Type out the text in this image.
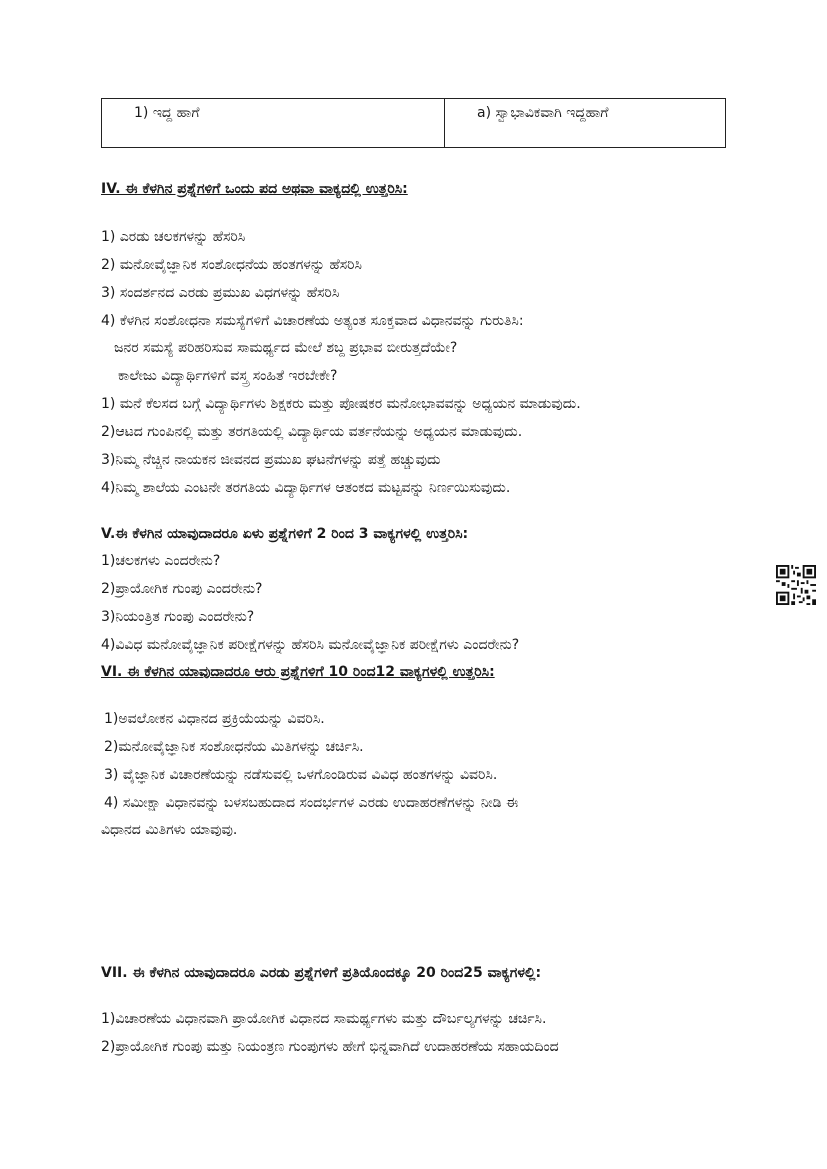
1) ಇದ್ದ ಹಾಗೆ	a) ಸ್ವಾಭಾವಿಕವಾಗಿ ಇದ್ದಹಾಗೆ
IV. ಈ ಕೆಳಗಿನ ಪ್ರಶ್ನೆಗಳಿಗೆ ಒಂದು ಪದ ಅಥವಾ ವಾಕ್ಯದಲ್ಲಿ ಉತ್ತರಿಸಿ:
1) ಎರಡು ಚಲಕಗಳನ್ನು ಹೆಸರಿಸಿ
2) ಮನೋವೈಜ್ಞಾನಿಕ ಸಂಶೋಧನೆಯ ಹಂತಗಳನ್ನು ಹೆಸರಿಸಿ
3) ಸಂದರ್ಶನದ ಎರಡು ಪ್ರಮುಖ ವಿಧಗಳನ್ನು ಹೆಸರಿಸಿ
4) ಕೆಳಗಿನ ಸಂಶೋಧನಾ ಸಮಸ್ಯೆಗಳಿಗೆ ವಿಚಾರಣೆಯ ಅತ್ಯಂತ ಸೂಕ್ತವಾದ ವಿಧಾನವನ್ನು ಗುರುತಿಸಿ:
ಜನರ ಸಮಸ್ಯೆ ಪರಿಹರಿಸುವ ಸಾಮರ್ಥ್ಯದ ಮೇಲೆ ಶಬ್ದ ಪ್ರಭಾವ ಬೀರುತ್ತದೆಯೇ?
ಕಾಲೇಜು ವಿದ್ಯಾರ್ಥಿಗಳಿಗೆ ವಸ್ತ್ರ ಸಂಹಿತೆ ಇರಬೇಕೇ?
1) ಮನೆ ಕೆಲಸದ ಬಗ್ಗೆ ವಿದ್ಯಾರ್ಥಿಗಳು ಶಿಕ್ಷಕರು ಮತ್ತು ಪೋಷಕರ ಮನೋಭಾವವನ್ನು ಅಧ್ಯಯನ ಮಾಡುವುದು.
2)ಆಟದ ಗುಂಪಿನಲ್ಲಿ ಮತ್ತು ತರಗತಿಯಲ್ಲಿ ವಿದ್ಯಾರ್ಥಿಯ ವರ್ತನೆಯನ್ನು ಅಧ್ಯಯನ ಮಾಡುವುದು.
3)ನಿಮ್ಮ ನೆಚ್ಚಿನ ನಾಯಕನ ಜೀವನದ ಪ್ರಮುಖ ಘಟನೆಗಳನ್ನು ಪತ್ತೆ ಹಚ್ಚುವುದು
4)ನಿಮ್ಮ ಶಾಲೆಯ ಎಂಟನೇ ತರಗತಿಯ ವಿದ್ಯಾರ್ಥಿಗಳ ಆತಂಕದ ಮಟ್ಟವನ್ನು ನಿರ್ಣಯಿಸುವುದು.
V.ಈ ಕೆಳಗಿನ ಯಾವುದಾದರೂ ಏಳು ಪ್ರಶ್ನೆಗಳಿಗೆ 2 ರಿಂದ 3 ವಾಕ್ಯಗಳಲ್ಲಿ ಉತ್ತರಿಸಿ:
1)ಚಲಕಗಳು ಎಂದರೇನು?
2)ಪ್ರಾಯೋಗಿಕ ಗುಂಪು ಎಂದರೇನು?
3)ನಿಯಂತ್ರಿತ ಗುಂಪು ಎಂದರೇನು?
4)ವಿವಿಧ ಮನೋವೈಜ್ಞಾನಿಕ ಪರೀಕ್ಷೆಗಳನ್ನು ಹೆಸರಿಸಿ ಮನೋವೈಜ್ಞಾನಿಕ ಪರೀಕ್ಷೆಗಳು ಎಂದರೇನು?
VI. ಈ ಕೆಳಗಿನ ಯಾವುದಾದರೂ ಆರು ಪ್ರಶ್ನೆಗಳಿಗೆ 10 ರಿಂದ12 ವಾಕ್ಯಗಳಲ್ಲಿ ಉತ್ತರಿಸಿ:
1)ಅವಲೋಕನ ವಿಧಾನದ ಪ್ರಕ್ರಿಯೆಯನ್ನು ವಿವರಿಸಿ.
2)ಮನೋವೈಜ್ಞಾನಿಕ ಸಂಶೋಧನೆಯ ಮಿತಿಗಳನ್ನು ಚರ್ಚಿಸಿ.
3) ವೈಜ್ಞಾನಿಕ ವಿಚಾರಣೆಯನ್ನು ನಡೆಸುವಲ್ಲಿ ಒಳಗೊಂಡಿರುವ ವಿವಿಧ ಹಂತಗಳನ್ನು ವಿವರಿಸಿ.
4) ಸಮೀಕ್ಷಾ ವಿಧಾನವನ್ನು ಬಳಸಬಹುದಾದ ಸಂದರ್ಭಗಳ ಎರಡು ಉದಾಹರಣೆಗಳನ್ನು ನೀಡಿ ಈ
ವಿಧಾನದ ಮಿತಿಗಳು ಯಾವುವು.
VII. ಈ ಕೆಳಗಿನ ಯಾವುದಾದರೂ ಎರಡು ಪ್ರಶ್ನೆಗಳಿಗೆ ಪ್ರತಿಯೊಂದಕ್ಕೂ 20 ರಿಂದ25 ವಾಕ್ಯಗಳಲ್ಲಿ:
1)ವಿಚಾರಣೆಯ ವಿಧಾನವಾಗಿ ಪ್ರಾಯೋಗಿಕ ವಿಧಾನದ ಸಾಮರ್ಥ್ಯಗಳು ಮತ್ತು ದೌರ್ಬಲ್ಯಗಳನ್ನು ಚರ್ಚಿಸಿ.
2)ಪ್ರಾಯೋಗಿಕ ಗುಂಪು ಮತ್ತು ನಿಯಂತ್ರಣ ಗುಂಪುಗಳು ಹೇಗೆ ಭಿನ್ನವಾಗಿದೆ ಉದಾಹರಣೆಯ ಸಹಾಯದಿಂದ
